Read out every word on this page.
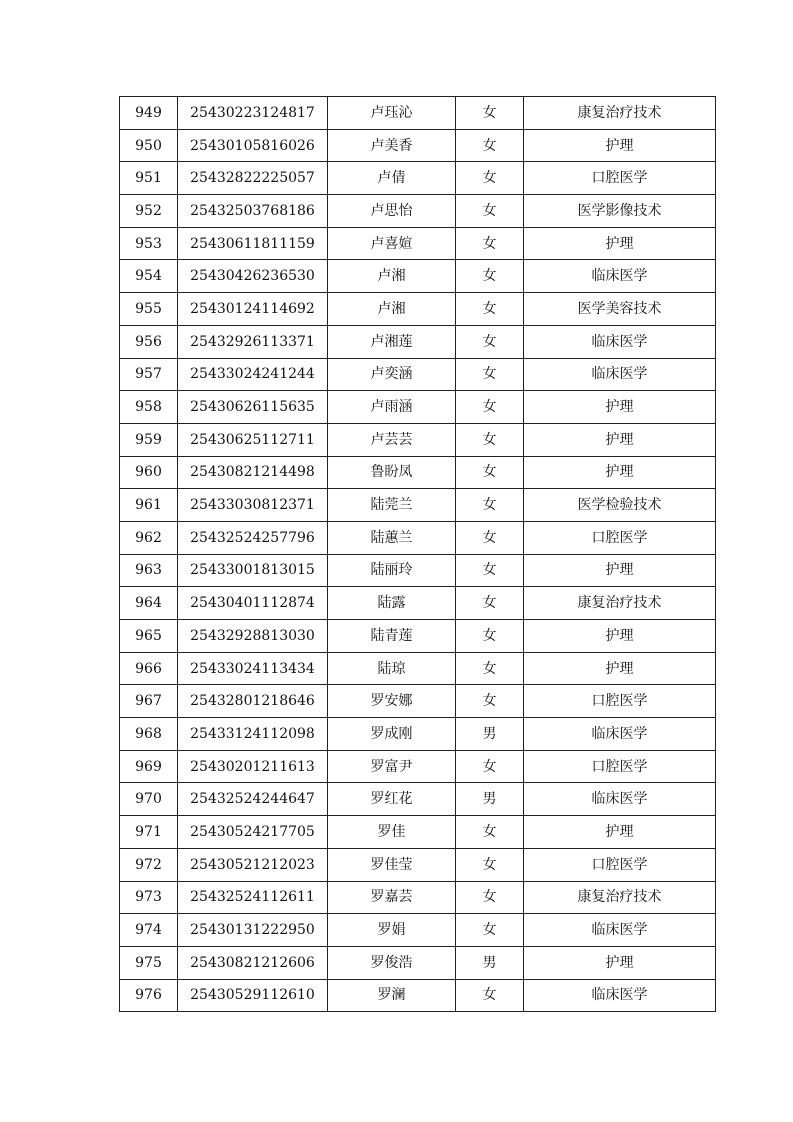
949	25430223124817	卢珏沁	女	康复治疗技术
950	25430105816026	卢美香	女	护理
951	25432822225057	卢倩	女	口腔医学
952	25432503768186	卢思怡	女	医学影像技术
953	25430611811159	卢喜媗	女	护理
954	25430426236530	卢湘	女	临床医学
955	25430124114692	卢湘	女	医学美容技术
956	25432926113371	卢湘莲	女	临床医学
957	25433024241244	卢奕涵	女	临床医学
958	25430626115635	卢雨涵	女	护理
959	25430625112711	卢芸芸	女	护理
960	25430821214498	鲁盼凤	女	护理
961	25433030812371	陆莞兰	女	医学检验技术
962	25432524257796	陆蕙兰	女	口腔医学
963	25433001813015	陆丽玲	女	护理
964	25430401112874	陆露	女	康复治疗技术
965	25432928813030	陆青莲	女	护理
966	25433024113434	陆琼	女	护理
967	25432801218646	罗安娜	女	口腔医学
968	25433124112098	罗成刚	男	临床医学
969	25430201211613	罗富尹	女	口腔医学
970	25432524244647	罗红花	男	临床医学
971	25430524217705	罗佳	女	护理
972	25430521212023	罗佳莹	女	口腔医学
973	25432524112611	罗嘉芸	女	康复治疗技术
974	25430131222950	罗娟	女	临床医学
975	25430821212606	罗俊浩	男	护理
976	25430529112610	罗澜	女	临床医学
